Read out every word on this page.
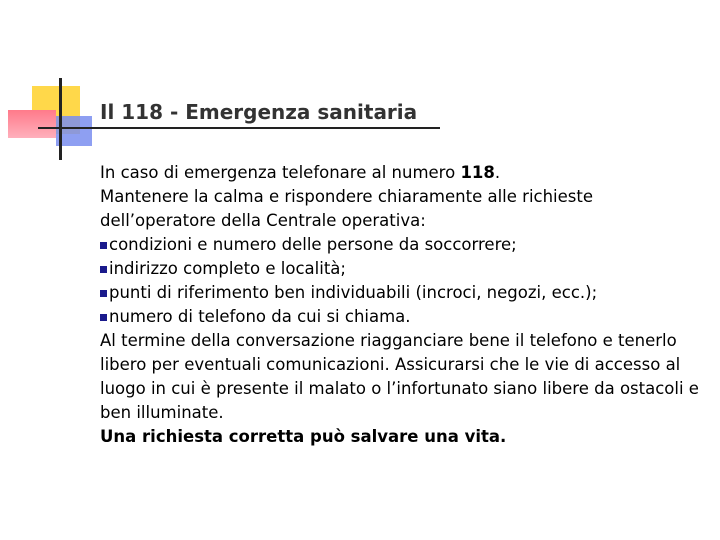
Il 118 - Emergenza sanitaria

In caso di emergenza telefonare al numero 118.

Mantenere la calma e rispondere chiaramente alle richieste dell’operatore della Centrale operativa:

condizioni e numero delle persone da soccorrere;

indirizzo completo e località;

punti di riferimento ben individuabili (incroci, negozi, ecc.);

numero di telefono da cui si chiama.

Al termine della conversazione riagganciare bene il telefono e tenerlo libero per eventuali comunicazioni. Assicurarsi che le vie di accesso al luogo in cui è presente il malato o l’infortunato siano libere da ostacoli e ben illuminate.

Una richiesta corretta può salvare una vita.
